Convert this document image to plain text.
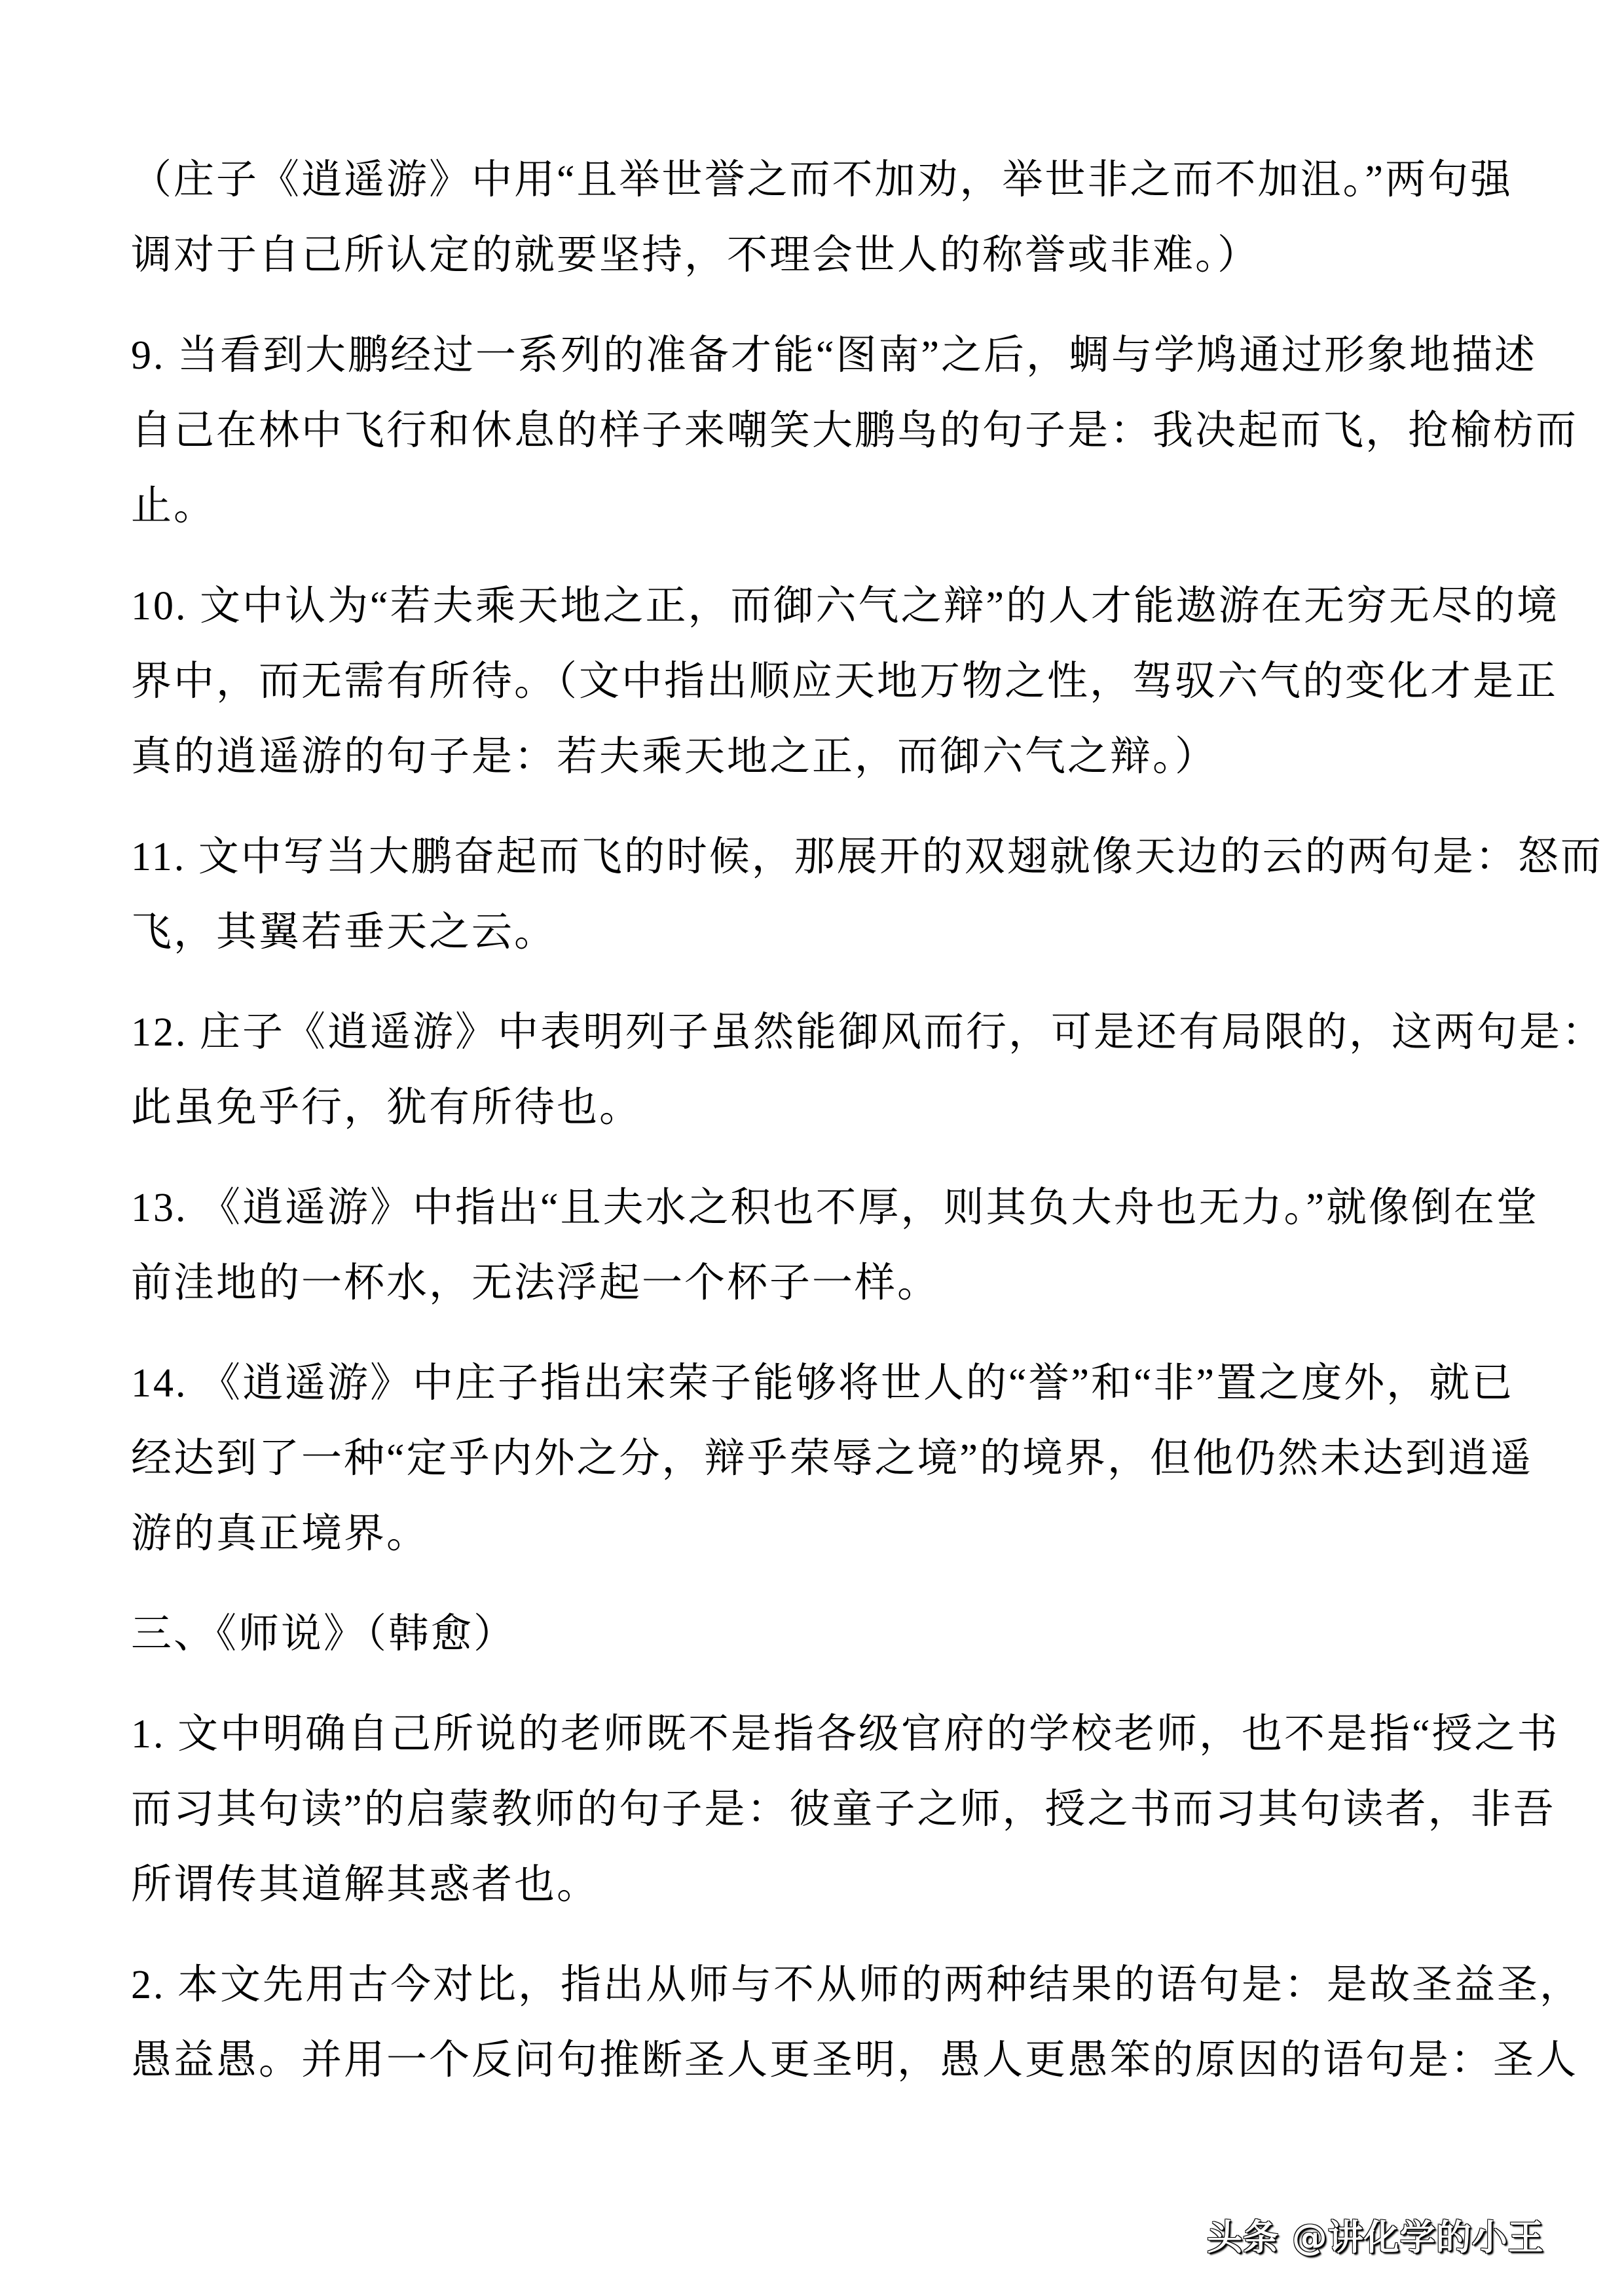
（庄子《逍遥游》中用“且举世誉之而不加劝，举世非之而不加沮。”两句强
调对于自己所认定的就要坚持，不理会世人的称誉或非难。）
9. 当看到大鹏经过一系列的准备才能“图南”之后，蜩与学鸠通过形象地描述
自己在林中飞行和休息的样子来嘲笑大鹏鸟的句子是：我决起而飞，抢榆枋而
止。
10. 文中认为“若夫乘天地之正，而御六气之辩”的人才能遨游在无穷无尽的境
界中，而无需有所待。（文中指出顺应天地万物之性，驾驭六气的变化才是正
真的逍遥游的句子是：若夫乘天地之正，而御六气之辩。）
11. 文中写当大鹏奋起而飞的时候，那展开的双翅就像天边的云的两句是：怒而
飞，其翼若垂天之云。
12. 庄子《逍遥游》中表明列子虽然能御风而行，可是还有局限的，这两句是：
此虽免乎行，犹有所待也。
13. 《逍遥游》中指出“且夫水之积也不厚，则其负大舟也无力。”就像倒在堂
前洼地的一杯水，无法浮起一个杯子一样。
14. 《逍遥游》中庄子指出宋荣子能够将世人的“誉”和“非”置之度外，就已
经达到了一种“定乎内外之分，辩乎荣辱之境”的境界，但他仍然未达到逍遥
游的真正境界。
三、《师说》（韩愈）
1. 文中明确自己所说的老师既不是指各级官府的学校老师，也不是指“授之书
而习其句读”的启蒙教师的句子是：彼童子之师，授之书而习其句读者，非吾
所谓传其道解其惑者也。
2. 本文先用古今对比，指出从师与不从师的两种结果的语句是：是故圣益圣，
愚益愚。并用一个反问句推断圣人更圣明，愚人更愚笨的原因的语句是：圣人
头条 @讲化学的小王
